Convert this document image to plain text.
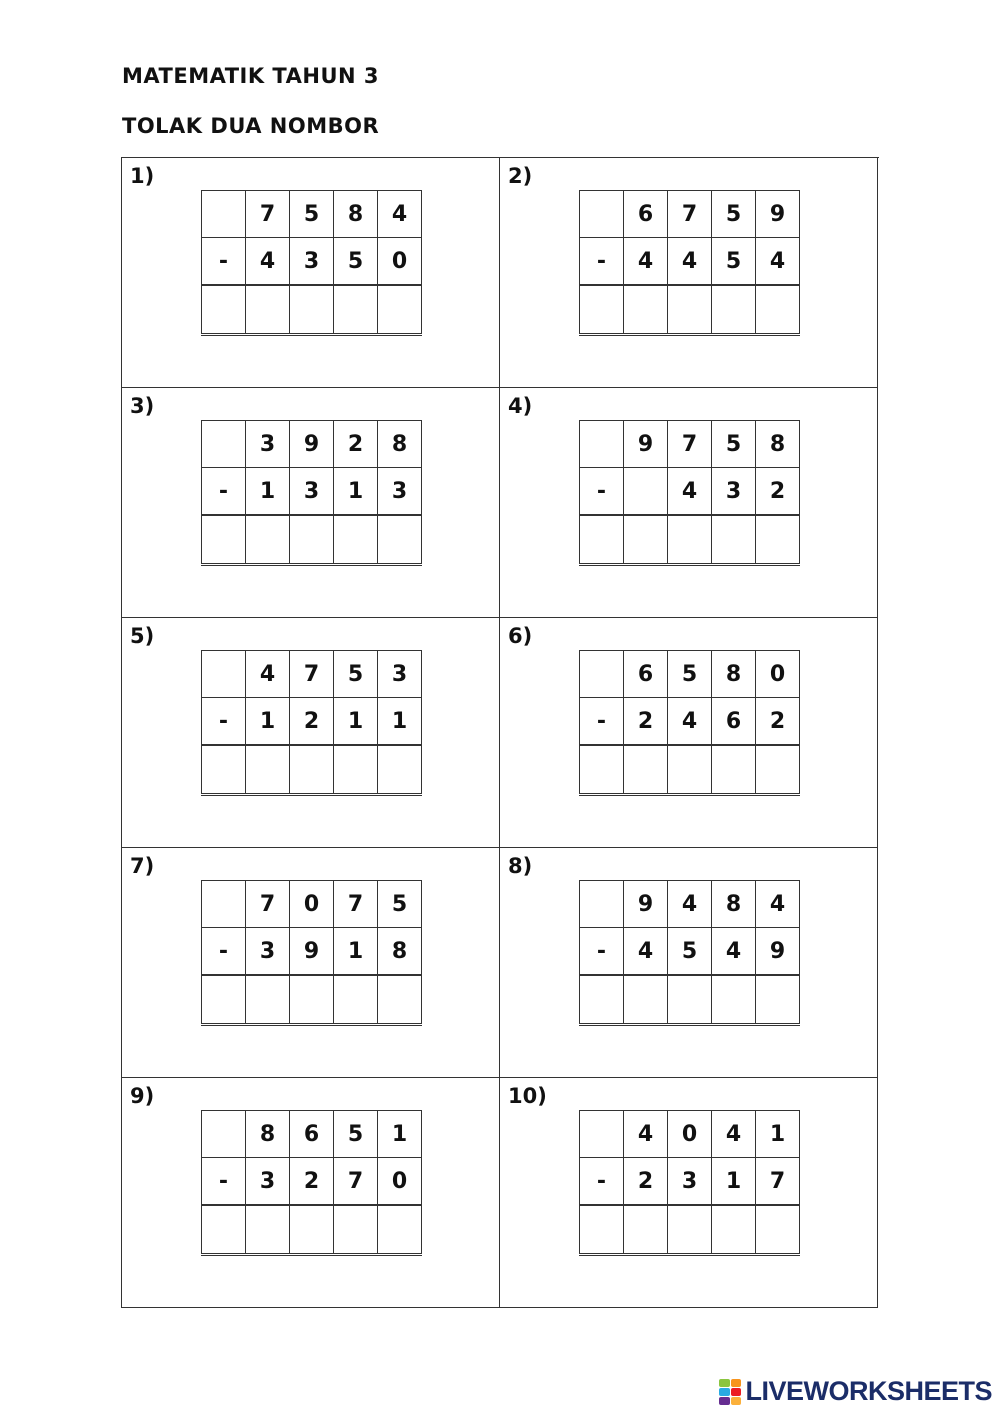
MATEMATIK TAHUN 3
TOLAK DUA NOMBOR
1)
	7	5	8	4
-	4	3	5	0

2)
	6	7	5	9
-	4	4	5	4

3)
	3	9	2	8
-	1	3	1	3

4)
	9	7	5	8
-		4	3	2

5)
	4	7	5	3
-	1	2	1	1

6)
	6	5	8	0
-	2	4	6	2

7)
	7	0	7	5
-	3	9	1	8

8)
	9	4	8	4
-	4	5	4	9

9)
	8	6	5	1
-	3	2	7	0

10)
	4	0	4	1
-	2	3	1	7

LIVEWORKSHEETS
